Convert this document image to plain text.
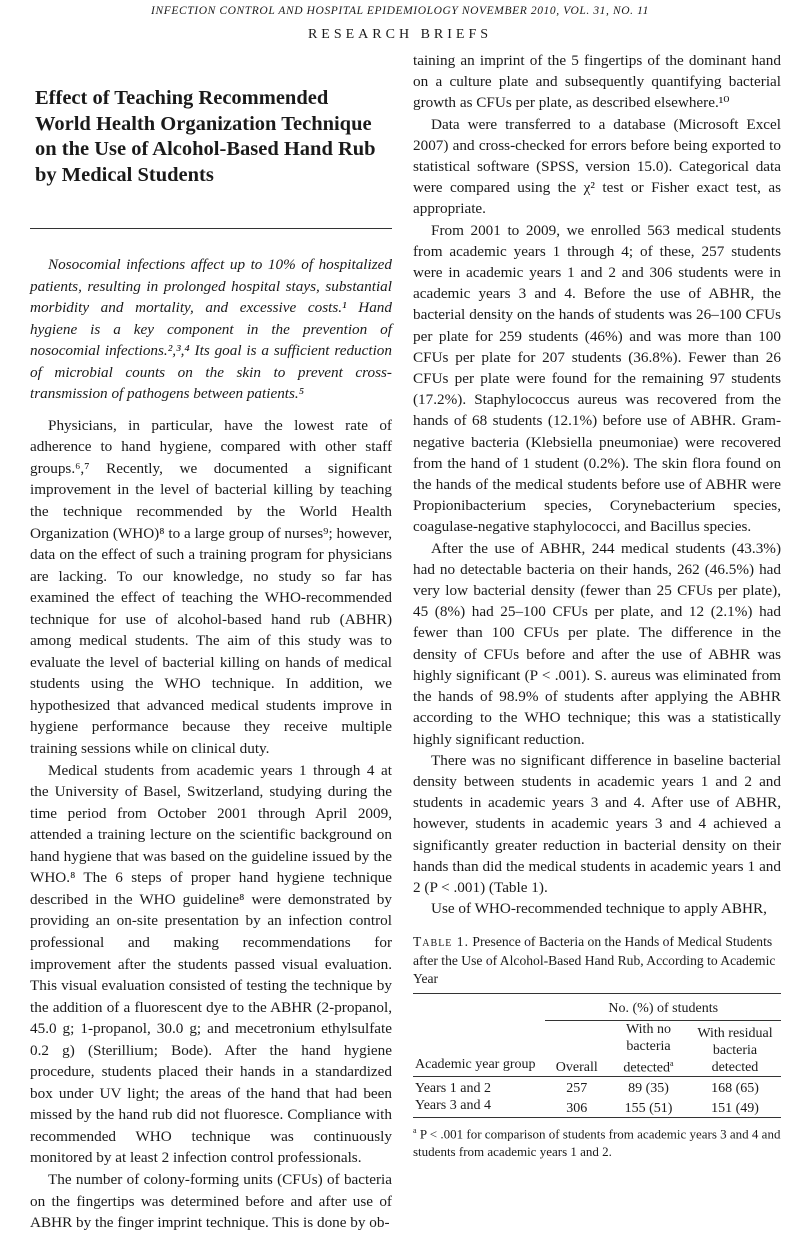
INFECTION CONTROL AND HOSPITAL EPIDEMIOLOGY NOVEMBER 2010, VOL. 31, NO. 11
RESEARCH BRIEFS
Effect of Teaching Recommended World Health Organization Technique on the Use of Alcohol-Based Hand Rub by Medical Students

Nosocomial infections affect up to 10% of hospitalized patients, resulting in prolonged hospital stays, substantial morbidity and mortality, and excessive costs.¹ Hand hygiene is a key component in the prevention of nosocomial infections.²,³,⁴ Its goal is a sufficient reduction of microbial counts on the skin to prevent cross-transmission of pathogens between patients.⁵

Physicians, in particular, have the lowest rate of adherence to hand hygiene, compared with other staff groups.⁶,⁷ Recently, we documented a significant improvement in the level of bacterial killing by teaching the technique recommended by the World Health Organization (WHO)⁸ to a large group of nurses⁹; however, data on the effect of such a training program for physicians are lacking. To our knowledge, no study so far has examined the effect of teaching the WHO-recommended technique for use of alcohol-based hand rub (ABHR) among medical students. The aim of this study was to evaluate the level of bacterial killing on hands of medical students using the WHO technique. In addition, we hypothesized that advanced medical students improve in hygiene performance because they receive multiple training sessions while on clinical duty.

Medical students from academic years 1 through 4 at the University of Basel, Switzerland, studying during the time period from October 2001 through April 2009, attended a training lecture on the scientific background on hand hygiene that was based on the guideline issued by the WHO.⁸ The 6 steps of proper hand hygiene technique described in the WHO guideline⁸ were demonstrated by providing an on-site presentation by an infection control professional and making recommendations for improvement after the students passed visual evaluation. This visual evaluation consisted of testing the technique by the addition of a fluorescent dye to the ABHR (2-propanol, 45.0 g; 1-propanol, 30.0 g; and mecetronium ethylsulfate 0.2 g) (Sterillium; Bode). After the hand hygiene procedure, students placed their hands in a standardized box under UV light; the areas of the hand that had been missed by the hand rub did not fluoresce. Compliance with recommended WHO technique was continuously monitored by at least 2 infection control professionals.

The number of colony-forming units (CFUs) of bacteria on the fingertips was determined before and after use of ABHR by the finger imprint technique. This is done by ob-

taining an imprint of the 5 fingertips of the dominant hand on a culture plate and subsequently quantifying bacterial growth as CFUs per plate, as described elsewhere.¹⁰

Data were transferred to a database (Microsoft Excel 2007) and cross-checked for errors before being exported to statistical software (SPSS, version 15.0). Categorical data were compared using the χ² test or Fisher exact test, as appropriate.

From 2001 to 2009, we enrolled 563 medical students from academic years 1 through 4; of these, 257 students were in academic years 1 and 2 and 306 students were in academic years 3 and 4. Before the use of ABHR, the bacterial density on the hands of students was 26–100 CFUs per plate for 259 students (46%) and was more than 100 CFUs per plate for 207 students (36.8%). Fewer than 26 CFUs per plate were found for the remaining 97 students (17.2%). Staphylococcus aureus was recovered from the hands of 68 students (12.1%) before use of ABHR. Gram-negative bacteria (Klebsiella pneumoniae) were recovered from the hand of 1 student (0.2%). The skin flora found on the hands of the medical students before use of ABHR were Propionibacterium species, Corynebacterium species, coagulase-negative staphylococci, and Bacillus species.

After the use of ABHR, 244 medical students (43.3%) had no detectable bacteria on their hands, 262 (46.5%) had very low bacterial density (fewer than 25 CFUs per plate), 45 (8%) had 25–100 CFUs per plate, and 12 (2.1%) had fewer than 100 CFUs per plate. The difference in the density of CFUs before and after the use of ABHR was highly significant (P < .001). S. aureus was eliminated from the hands of 98.9% of students after applying the ABHR according to the WHO technique; this was a statistically highly significant reduction.

There was no significant difference in baseline bacterial density between students in academic years 1 and 2 and students in academic years 3 and 4. After use of ABHR, however, students in academic years 3 and 4 achieved a significantly greater reduction in bacterial density on their hands than did the medical students in academic years 1 and 2 (P < .001) (Table 1).

Use of WHO-recommended technique to apply ABHR,

Table 1. Presence of Bacteria on the Hands of Medical Students after the Use of Alcohol-Based Hand Rub, According to Academic Year
	No. (%) of students		
Academic year group	Overall	With no bacteria detected$^a$	With residual bacteria detected
Years 1 and 2	257	89 (35)	168 (65)
Years 3 and 4	306	155 (51)	151 (49)
$^a$ P < .001 for comparison of students from academic years 3 and 4 and students from academic years 1 and 2.
